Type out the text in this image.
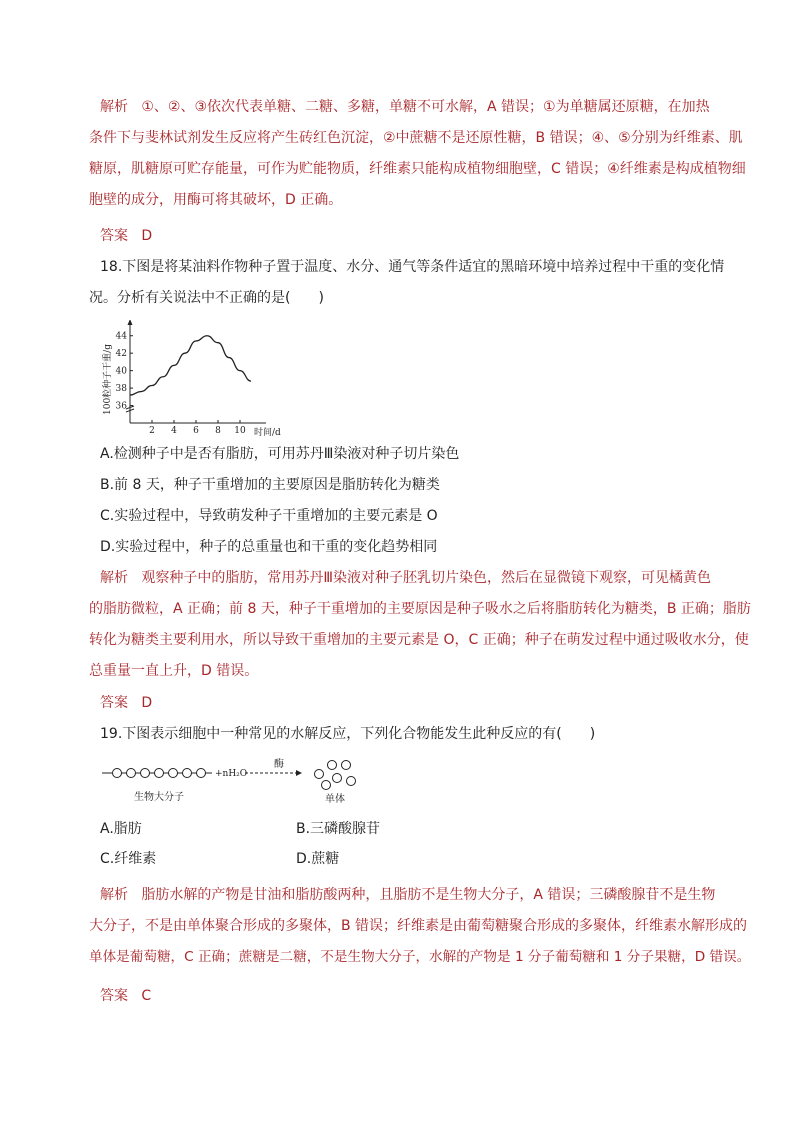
解析 ①、②、③依次代表单糖、二糖、多糖，单糖不可水解，A 错误；①为单糖属还原糖，在加热
条件下与斐林试剂发生反应将产生砖红色沉淀，②中蔗糖不是还原性糖，B 错误；④、⑤分别为纤维素、肌
糖原，肌糖原可贮存能量，可作为贮能物质，纤维素只能构成植物细胞壁，C 错误；④纤维素是构成植物细
胞壁的成分，用酶可将其破坏，D 正确。
答案 D
18.下图是将某油料作物种子置于温度、水分、通气等条件适宜的黑暗环境中培养过程中干重的变化情
况。分析有关说法中不正确的是(　　)
36
38
40
42
44
2 4 6 8 10 时间/d
100粒种子干重/g
A.检测种子中是否有脂肪，可用苏丹Ⅲ染液对种子切片染色
B.前 8 天，种子干重增加的主要原因是脂肪转化为糖类
C.实验过程中，导致萌发种子干重增加的主要元素是 O
D.实验过程中，种子的总重量也和干重的变化趋势相同
解析 观察种子中的脂肪，常用苏丹Ⅲ染液对种子胚乳切片染色，然后在显微镜下观察，可见橘黄色
的脂肪微粒，A 正确；前 8 天，种子干重增加的主要原因是种子吸水之后将脂肪转化为糖类，B 正确；脂肪
转化为糖类主要利用水，所以导致干重增加的主要元素是 O，C 正确；种子在萌发过程中通过吸收水分，使
总重量一直上升，D 错误。
答案 D
19.下图表示细胞中一种常见的水解反应，下列化合物能发生此种反应的有(　　)
+nH₂O
酶
生物大分子	单体
A.脂肪	B.三磷酸腺苷
C.纤维素	D.蔗糖
解析 脂肪水解的产物是甘油和脂肪酸两种，且脂肪不是生物大分子，A 错误；三磷酸腺苷不是生物
大分子，不是由单体聚合形成的多聚体，B 错误；纤维素是由葡萄糖聚合形成的多聚体，纤维素水解形成的
单体是葡萄糖，C 正确；蔗糖是二糖，不是生物大分子，水解的产物是 1 分子葡萄糖和 1 分子果糖，D 错误。
答案 C
